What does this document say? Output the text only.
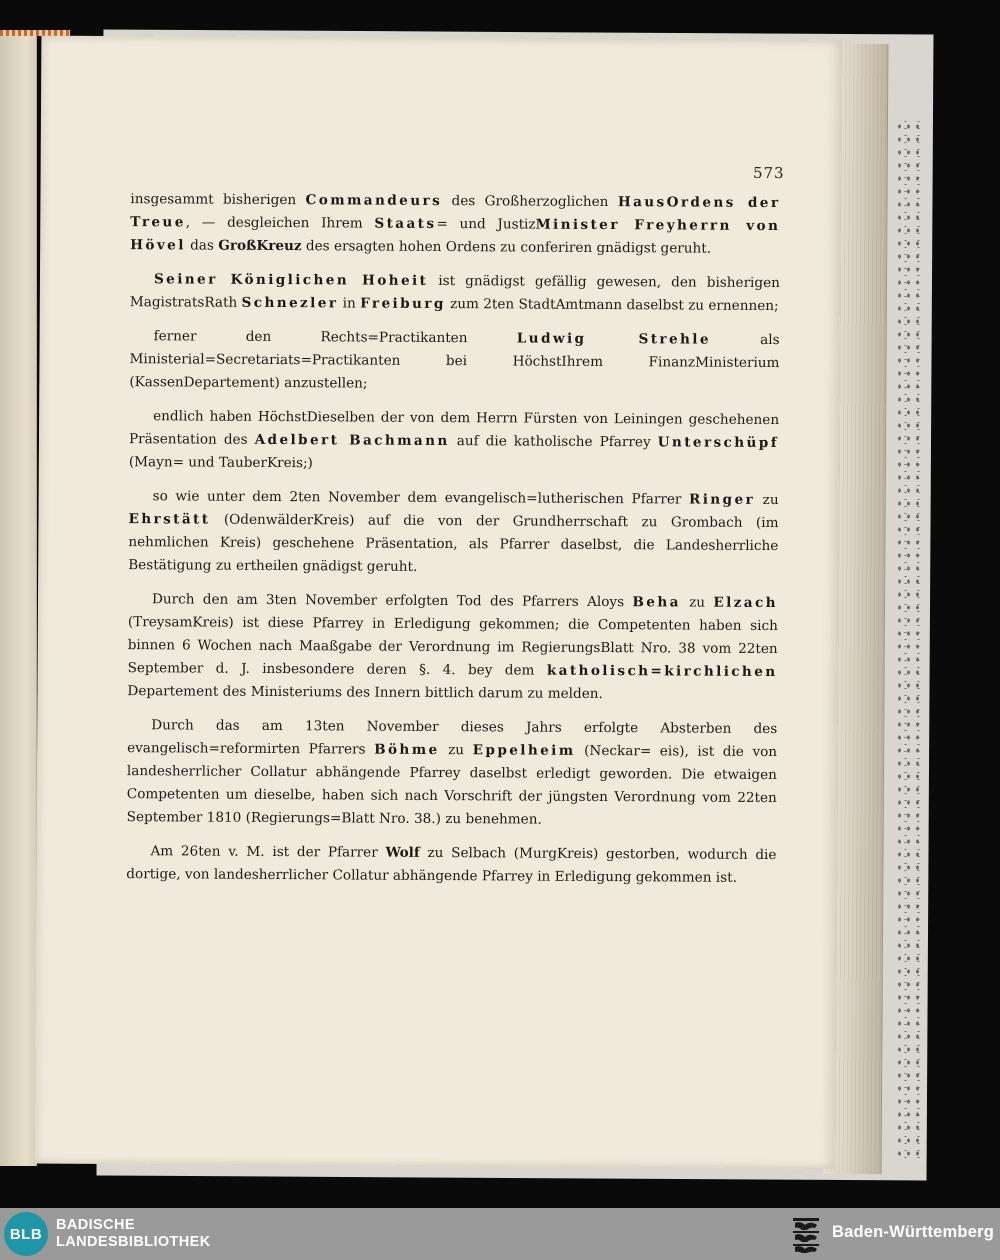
573

insgesammt bisherigen Commandeurs des Großherzoglichen HausOrdens der Treue, — desgleichen Ihrem Staats= und JustizMinister Freyherrn von Hövel das GroßKreuz des ersagten hohen Ordens zu conferiren gnädigst geruht.

Seiner Königlichen Hoheit ist gnädigst gefällig gewesen, den bisherigen MagistratsRath Schnezler in Freiburg zum 2ten StadtAmtmann daselbst zu ernennen;

ferner den Rechts=Practikanten Ludwig Strehle als Ministerial=Secretariats=Practikanten bei HöchstIhrem FinanzMinisterium (KassenDepartement) anzustellen;

endlich haben HöchstDieselben der von dem Herrn Fürsten von Leiningen geschehenen Präsentation des Adelbert Bachmann auf die katholische Pfarrey Unterschüpf (Mayn= und TauberKreis;)

so wie unter dem 2ten November dem evangelisch=lutherischen Pfarrer Ringer zu Ehrstätt (OdenwälderKreis) auf die von der Grundherrschaft zu Grombach (im nehmlichen Kreis) geschehene Präsentation, als Pfarrer daselbst, die Landesherrliche Bestätigung zu ertheilen gnädigst geruht.

Durch den am 3ten November erfolgten Tod des Pfarrers Aloys Beha zu Elzach (TreysamKreis) ist diese Pfarrey in Erledigung gekommen; die Competenten haben sich binnen 6 Wochen nach Maaßgabe der Verordnung im RegierungsBlatt Nro. 38 vom 22ten September d. J. insbesondere deren §. 4. bey dem katholisch=kirchlichen Departement des Ministeriums des Innern bittlich darum zu melden.

Durch das am 13ten November dieses Jahrs erfolgte Absterben des evangelisch=reformirten Pfarrers Böhme zu Eppelheim (Neckar= eis), ist die von landesherrlicher Collatur abhängende Pfarrey daselbst erledigt geworden. Die etwaigen Competenten um dieselbe, haben sich nach Vorschrift der jüngsten Verordnung vom 22ten September 1810 (Regierungs=Blatt Nro. 38.) zu benehmen.

Am 26ten v. M. ist der Pfarrer Wolf zu Selbach (MurgKreis) gestorben, wodurch die dortige, von landesherrlicher Collatur abhängende Pfarrey in Erledigung gekommen ist.

BLB
BADISCHE
LANDESBIBLIOTHEK
Baden-Württemberg
